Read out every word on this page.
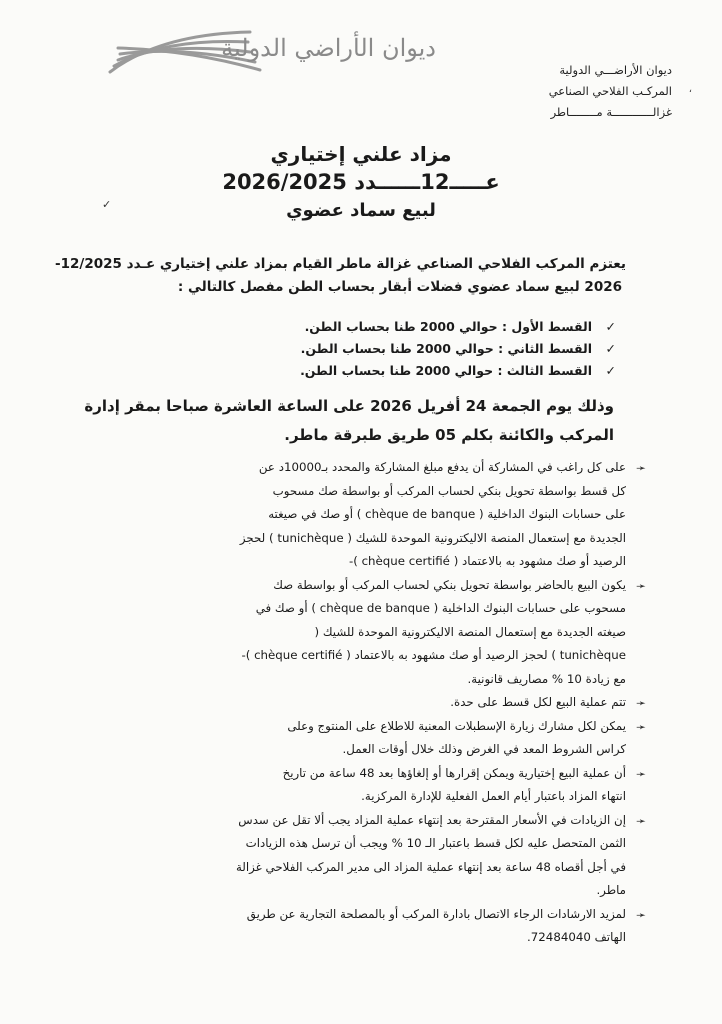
ديوان الأراضي الدولية
ديوان الأراضـــي الدولية
المركـب الفلاحي الصناعي
غزالــــــــــــة مــــــــاطر
،
مزاد علني إختياري
عـــــ12ــــــدد 2026/2025
لبيع سماد عضوي
✓
يعتزم المركب الفلاحي الصناعي غزالة ماطر القيام بمزاد علني إختياري عـدد 12/2025-
2026 لبيع سماد عضوي فضلات أبقار بحساب الطن مفصل كالتالي :
✓القسط الأول : حوالي 2000 طنا بحساب الطن.
✓القسط الثاني : حوالي 2000 طنا بحساب الطن.
✓القسط الثالث : حوالي 2000 طنا بحساب الطن.
وذلك يوم الجمعة 24 أفريل 2026 على الساعة العاشرة صباحا بمقر إدارة
المركب والكائنة بكلم 05 طريق طبرقة ماطر.
➛
على كل راغب في المشاركة أن يدفع مبلغ المشاركة والمحدد بـ10000د عن
كل قسط بواسطة تحويل بنكي لحساب المركب أو بواسطة صك مسحوب
على حسابات البنوك الداخلية ( chèque de banque ) أو صك في صيغته
الجديدة مع إستعمال المنصة الاليكترونية الموحدة للشيك ( tunichèque ) لحجز
الرصيد أو صك مشهود به بالاعتماد ( chèque certifié )-
➛
يكون البيع بالحاضر بواسطة تحويل بنكي لحساب المركب أو بواسطة صك
مسحوب على حسابات البنوك الداخلية ( chèque de banque ) أو صك في
صيغته الجديدة مع إستعمال المنصة الاليكترونية الموحدة للشيك (
tunichèque ) لحجز الرصيد أو صك مشهود به بالاعتماد ( chèque certifié )-
مع زيادة 10 % مصاريف قانونية.
➛
تتم عملية البيع لكل قسط على حدة.
➛
يمكن لكل مشارك زيارة الإسطبلات المعنية للاطلاع على المنتوج وعلى
كراس الشروط المعد في الغرض وذلك خلال أوقات العمل.
➛
أن عملية البيع إختيارية ويمكن إقرارها أو إلغاؤها بعد 48 ساعة من تاريخ
انتهاء المزاد باعتبار أيام العمل الفعلية للإدارة المركزية.
➛
إن الزيادات في الأسعار المقترحة بعد إنتهاء عملية المزاد يجب ألا تقل عن سدس
الثمن المتحصل عليه لكل قسط باعتبار الـ 10 % ويجب أن ترسل هذه الزيادات
في أجل أقصاه 48 ساعة بعد إنتهاء عملية المزاد الى مدير المركب الفلاحي غزالة
ماطر.
➛
لمزيد الارشادات الرجاء الاتصال بادارة المركب أو بالمصلحة التجارية عن طريق
الهاتف 72484040.
